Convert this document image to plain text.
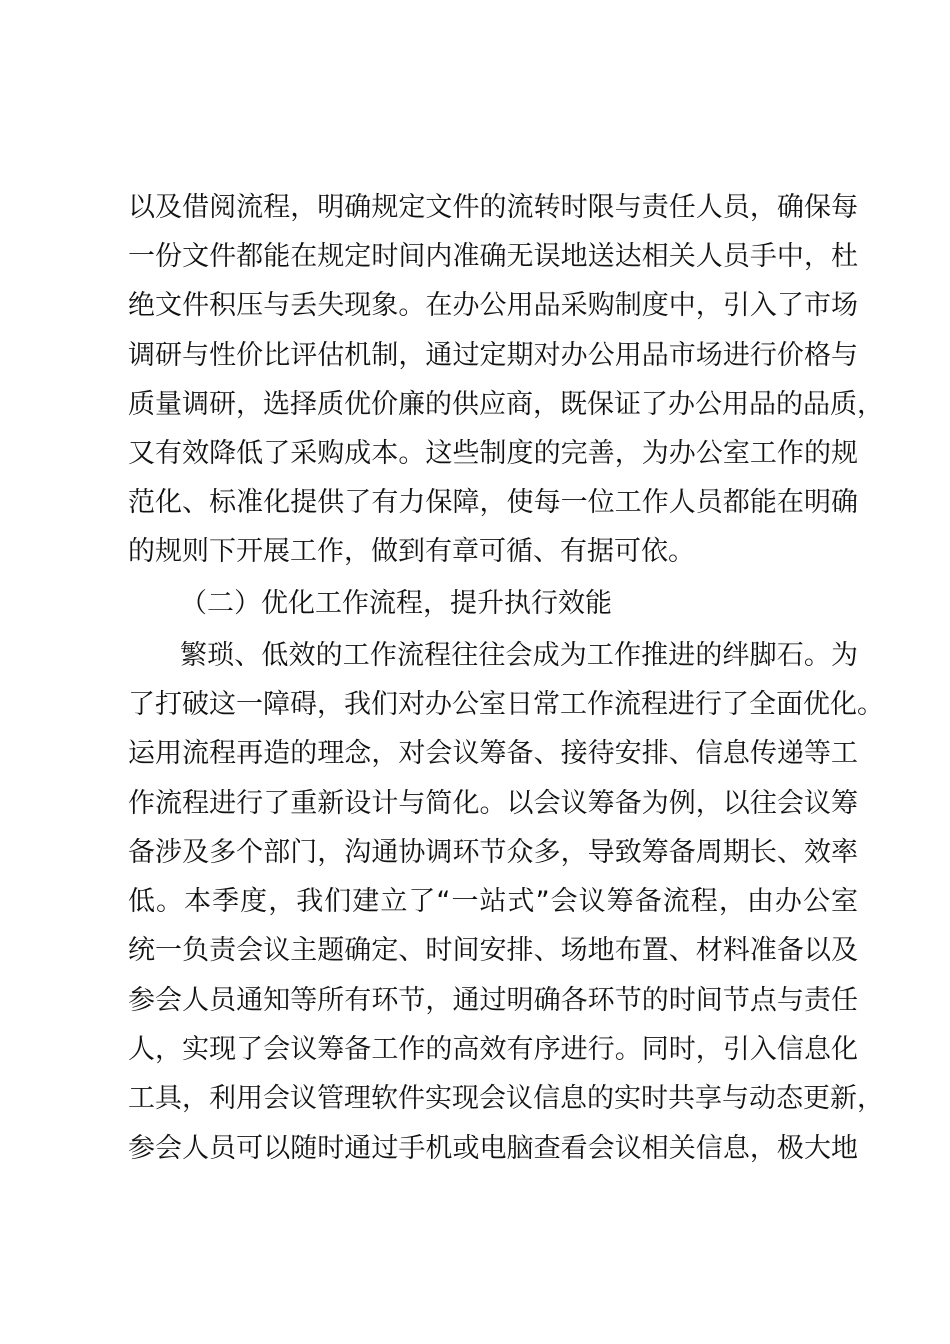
以及借阅流程，明确规定文件的流转时限与责任人员，确保每
一份文件都能在规定时间内准确无误地送达相关人员手中，杜
绝文件积压与丢失现象。在办公用品采购制度中，引入了市场
调研与性价比评估机制，通过定期对办公用品市场进行价格与
质量调研，选择质优价廉的供应商，既保证了办公用品的品质，
又有效降低了采购成本。这些制度的完善，为办公室工作的规
范化、标准化提供了有力保障，使每一位工作人员都能在明确
的规则下开展工作，做到有章可循、有据可依。
（二）优化工作流程，提升执行效能
繁琐、低效的工作流程往往会成为工作推进的绊脚石。为
了打破这一障碍，我们对办公室日常工作流程进行了全面优化。
运用流程再造的理念，对会议筹备、接待安排、信息传递等工
作流程进行了重新设计与简化。以会议筹备为例，以往会议筹
备涉及多个部门，沟通协调环节众多，导致筹备周期长、效率
低。本季度，我们建立了“一站式”会议筹备流程，由办公室
统一负责会议主题确定、时间安排、场地布置、材料准备以及
参会人员通知等所有环节，通过明确各环节的时间节点与责任
人，实现了会议筹备工作的高效有序进行。同时，引入信息化
工具，利用会议管理软件实现会议信息的实时共享与动态更新，
参会人员可以随时通过手机或电脑查看会议相关信息，极大地
